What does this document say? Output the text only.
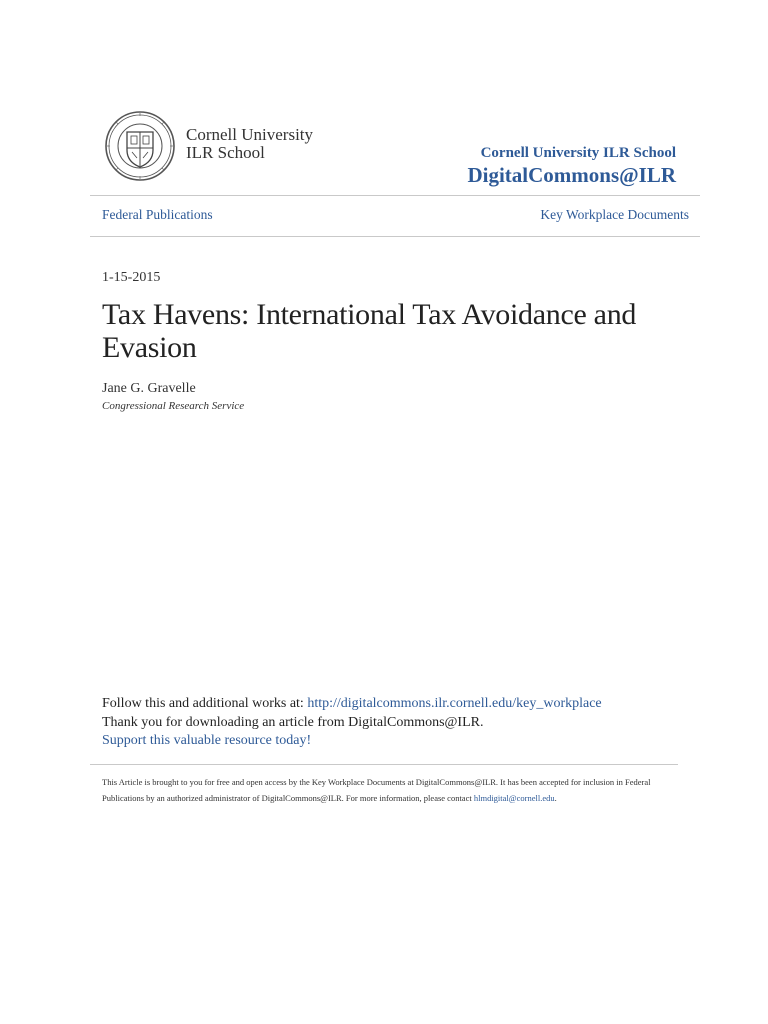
Cornell University
ILR School	Cornell University ILR School
DigitalCommons@ILR
Federal Publications	Key Workplace Documents
1-15-2015
Tax Havens: International Tax Avoidance and Evasion
Jane G. Gravelle
Congressional Research Service
Follow this and additional works at: http://digitalcommons.ilr.cornell.edu/key_workplace
Thank you for downloading an article from DigitalCommons@ILR.
Support this valuable resource today!
This Article is brought to you for free and open access by the Key Workplace Documents at DigitalCommons@ILR. It has been accepted for inclusion in Federal Publications by an authorized administrator of DigitalCommons@ILR. For more information, please contact hlmdigital@cornell.edu.
